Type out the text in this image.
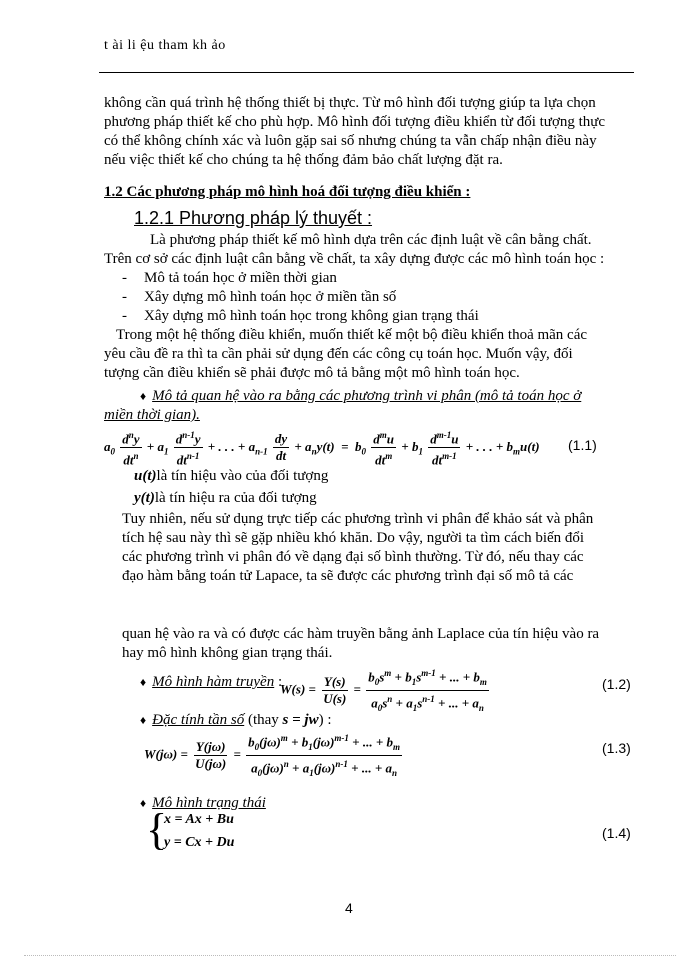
t ài li ệu tham kh ảo
không cần quá trình hệ thống thiết bị thực. Từ mô hình đối tượng giúp ta lựa chọn
phương pháp thiết kế cho phù hợp. Mô hình đối tượng điều khiển từ đối tượng thực
có thể không chính xác và luôn gặp sai số nhưng chúng ta vẫn chấp nhận điều này
nếu việc thiết kế cho chúng ta hệ thống đảm bảo chất lượng đặt ra.
1.2 Các phương pháp mô hình hoá đối tượng điều khiển :
1.2.1 Phương pháp lý thuyết :
Là phương pháp thiết kế mô hình dựa trên các định luật về cân bằng chất.
Trên cơ sở các định luật cân bằng về chất, ta xây dựng được các mô hình toán học :
- Mô tả toán học ở miền thời gian
- Xây dựng mô hình toán học ở miền tần số
- Xây dựng mô hình toán học trong không gian trạng thái
Trong một hệ thống điều khiển, muốn thiết kế một bộ điều khiển thoả mãn các
yêu cầu đề ra thì ta cần phải sử dụng đến các công cụ toán học. Muốn vậy, đối
tượng cần điều khiển sẽ phải được mô tả bằng một mô hình toán học.
♦ Mô tả quan hệ vào ra bằng các phương trình vi phân (mô tả toán học ở
miền thời gian).
$a_0 \frac{d^ny}{dt^n} + a_1 \frac{d^{n-1}y}{dt^{n-1}}$ + . . . + $a_{n-1} \frac{dy}{dt} + a_ny(t) = b_0 \frac{d^mu}{dt^m} + b_1 \frac{d^{m-1}u}{dt^{m-1}}$ + . . . + $b_mu(t)$ (1.1)
u(t)là tín hiệu vào của đối tượng
y(t)là tín hiệu ra của đối tượng
Tuy nhiên, nếu sử dụng trực tiếp các phương trình vi phân để khảo sát và phân
tích hệ sau này thì sẽ gặp nhiều khó khăn. Do vậy, người ta tìm cách biến đổi
các phương trình vi phân đó về dạng đại số bình thường. Từ đó, nếu thay các
đạo hàm bằng toán tử Lapace, ta sẽ được các phương trình đại số mô tả các
quan hệ vào ra và có được các hàm truyền bằng ảnh Laplace của tín hiệu vào ra
hay mô hình không gian trạng thái.
♦ Mô hình hàm truyền :
$W(s) = \frac{Y(s)}{U(s)} = \frac{b_0s^m + b_1s^{m-1} + ... + b_m}{a_0s^n + a_1s^{n-1} + ... + a_n}$	(1.2)
♦ Đặc tính tần số (thay s = jw) :
$W(j\omega) = \frac{Y(j\omega)}{U(j\omega)} = \frac{b_0(j\omega)^m + b_1(j\omega)^{m-1} + ... + b_m}{a_0(j\omega)^n + a_1(j\omega)^{n-1} + ... + a_n}$	(1.3)
♦ Mô hình trạng thái
{
x = Ax + Bu
y = Cx + Du
(1.4)
4
